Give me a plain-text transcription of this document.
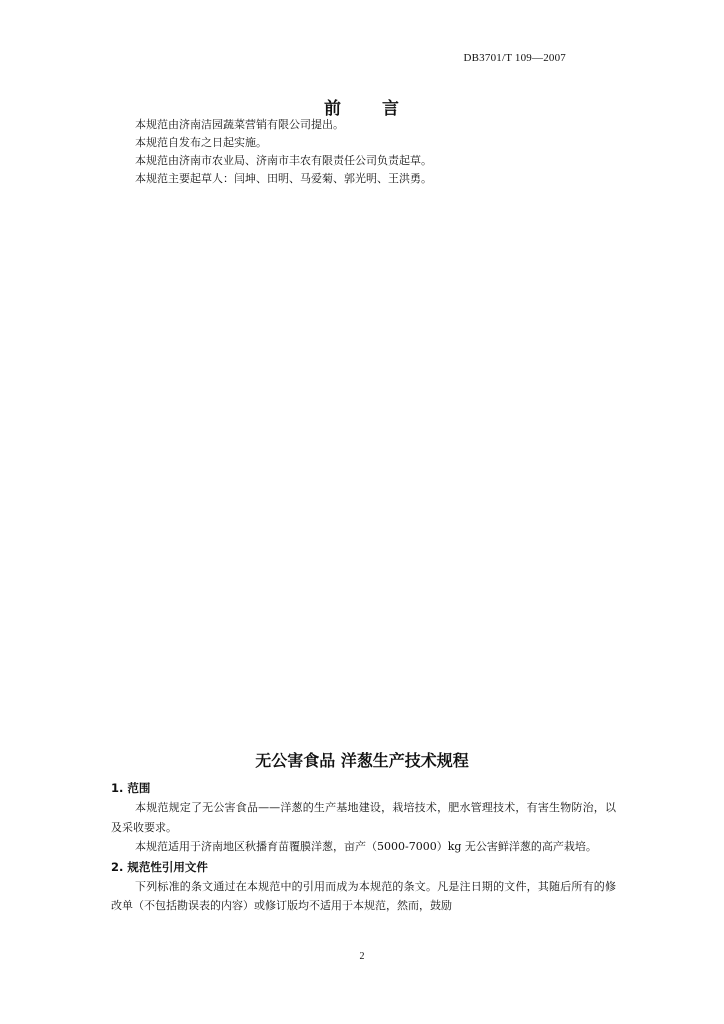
DB3701/T 109—2007
前 言

本规范由济南洁园蔬菜营销有限公司提出。

本规范自发布之日起实施。

本规范由济南市农业局、济南市丰农有限责任公司负责起草。

本规范主要起草人：闫坤、田明、马爱菊、郭光明、王洪勇。

无公害食品 洋葱生产技术规程
1. 范围

本规范规定了无公害食品——洋葱的生产基地建设，栽培技术，肥水管理技术，有害生物防治，以及采收要求。

本规范适用于济南地区秋播育苗覆膜洋葱，亩产（5000-7000）kg 无公害鲜洋葱的高产栽培。

2. 规范性引用文件

下列标准的条文通过在本规范中的引用而成为本规范的条文。凡是注日期的文件，其随后所有的修改单（不包括勘误表的内容）或修订版均不适用于本规范，然而，鼓励

2
